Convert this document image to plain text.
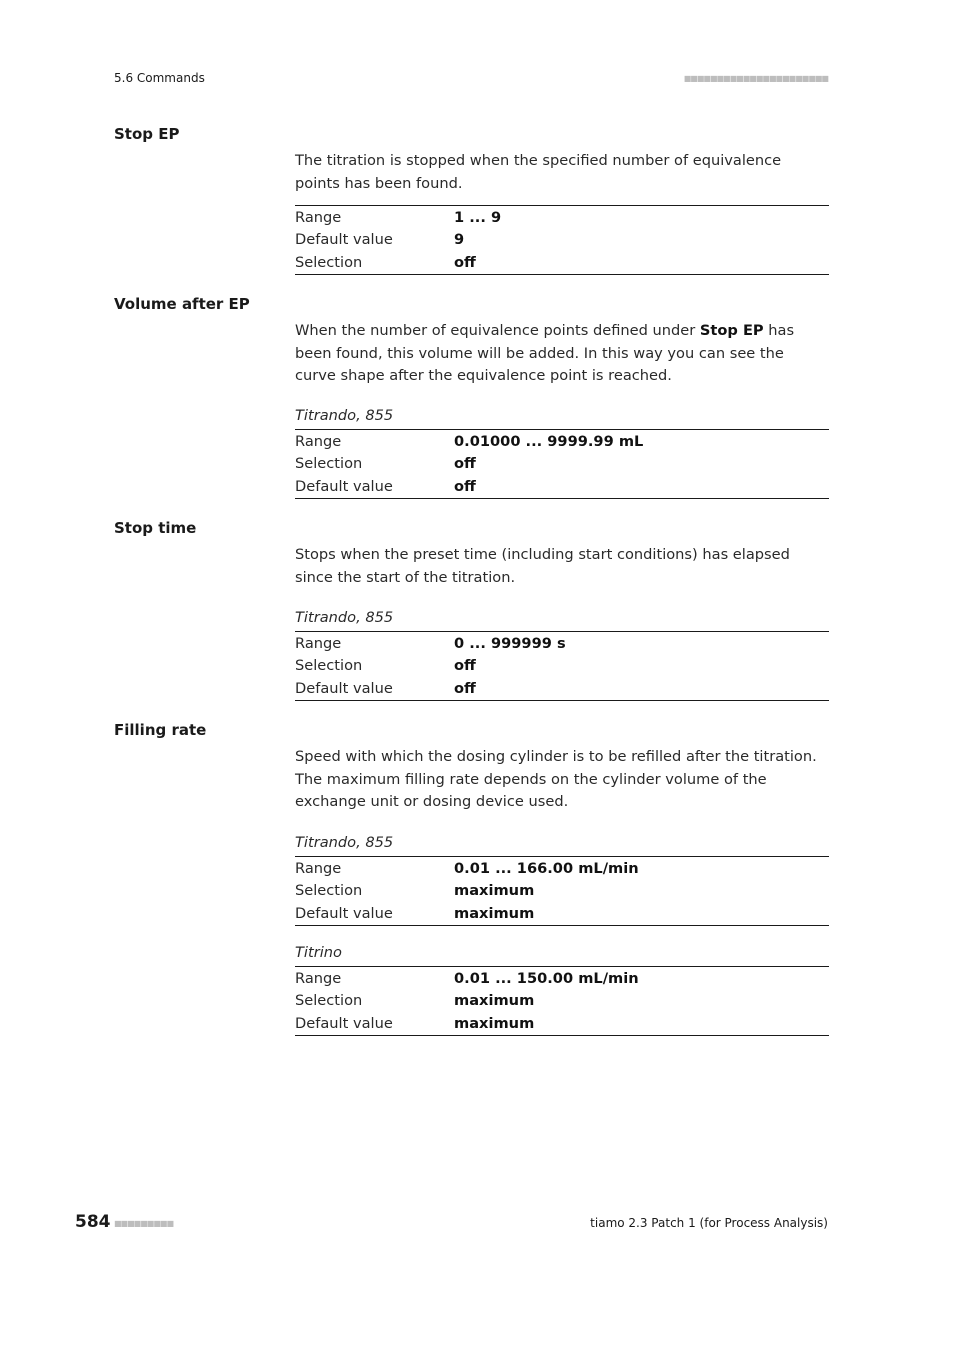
5.6 Commands	■■■■■■■■■■■■■■■■■■■■■■
Stop EP
The titration is stopped when the specified number of equivalence points has been found.
Range	1 ... 9
Default value	9
Selection	off
Volume after EP
When the number of equivalence points defined under Stop EP has been found, this volume will be added. In this way you can see the curve shape after the equivalence point is reached.
Titrando, 855
Range	0.01000 ... 9999.99 mL
Selection	off
Default value	off
Stop time
Stops when the preset time (including start conditions) has elapsed since the start of the titration.
Titrando, 855
Range	0 ... 999999 s
Selection	off
Default value	off
Filling rate
Speed with which the dosing cylinder is to be refilled after the titration. The maximum filling rate depends on the cylinder volume of the exchange unit or dosing device used.
Titrando, 855
Range	0.01 ... 166.00 mL/min
Selection	maximum
Default value	maximum
Titrino
Range	0.01 ... 150.00 mL/min
Selection	maximum
Default value	maximum
584 ■■■■■■■■■	tiamo 2.3 Patch 1 (for Process Analysis)
